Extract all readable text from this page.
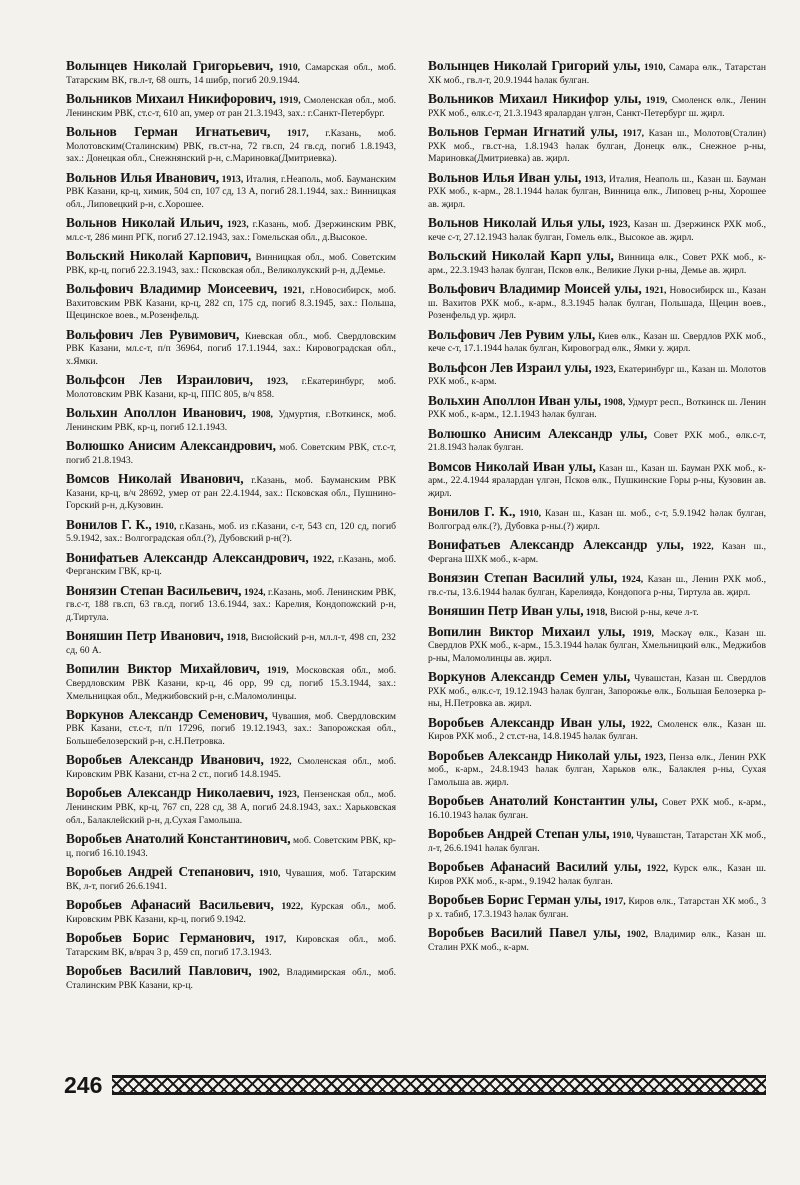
Волынцев Николай Григорьевич, 1910, Самарская обл., моб. Татарским ВК, гв.л-т, 68 ошть, 14 шибр, погиб 20.9.1944.

Вольников Михаил Никифорович, 1919, Смоленская обл., моб. Ленинским РВК, ст.с-т, 610 ап, умер от ран 21.3.1943, зах.: г.Санкт-Петербург.

Вольнов Герман Игнатьевич, 1917, г.Казань, моб. Молотовским(Сталинским) РВК, гв.ст-на, 72 гв.сп, 24 гв.сд, погиб 1.8.1943, зах.: Донецкая обл., Снежнянский р-н, с.Мариновка(Дмитриевка).

Вольнов Илья Иванович, 1913, Италия, г.Неаполь, моб. Бауманским РВК Казани, кр-ц, химик, 504 сп, 107 сд, 13 А, погиб 28.1.1944, зах.: Винницкая обл., Липовецкий р-н, с.Хорошее.

Вольнов Николай Ильич, 1923, г.Казань, моб. Дзержинским РВК, мл.с-т, 286 минп РГК, погиб 27.12.1943, зах.: Гомельская обл., д.Высокое.

Вольский Николай Карпович, Винницкая обл., моб. Советским РВК, кр-ц, погиб 22.3.1943, зах.: Псковская обл., Великолукский р-н, д.Демье.

Вольфович Владимир Моисеевич, 1921, г.Новосибирск, моб. Вахитовским РВК Казани, кр-ц, 282 сп, 175 сд, погиб 8.3.1945, зах.: Польша, Щецинское воев., м.Розенфельд.

Вольфович Лев Рувимович, Киевская обл., моб. Свердловским РВК Казани, мл.с-т, п/п 36964, погиб 17.1.1944, зах.: Кировоградская обл., х.Ямки.

Вольфсон Лев Израилович, 1923, г.Екатеринбург, моб. Молотовским РВК Казани, кр-ц, ППС 805, в/ч 858.

Вольхин Аполлон Иванович, 1908, Удмуртия, г.Воткинск, моб. Ленинским РВК, кр-ц, погиб 12.1.1943.

Волюшко Анисим Александрович, моб. Советским РВК, ст.с-т, погиб 21.8.1943.

Вомсов Николай Иванович, г.Казань, моб. Бауманским РВК Казани, кр-ц, в/ч 28692, умер от ран 22.4.1944, зах.: Псковская обл., Пушнино-Горский р-н, д.Кузовин.

Вонилов Г. К., 1910, г.Казань, моб. из г.Казани, с-т, 543 сп, 120 сд, погиб 5.9.1942, зах.: Волгоградская обл.(?), Дубовский р-н(?).

Вонифатьев Александр Александрович, 1922, г.Казань, моб. Ферганским ГВК, кр-ц.

Вонязин Степан Васильевич, 1924, г.Казань, моб. Ленинским РВК, гв.с-т, 188 гв.сп, 63 гв.сд, погиб 13.6.1944, зах.: Карелия, Кондопожский р-н, д.Тиртула.

Воняшин Петр Иванович, 1918, Висюйский р-н, мл.л-т, 498 сп, 232 сд, 60 А.

Вопилин Виктор Михайлович, 1919, Московская обл., моб. Свердловским РВК Казани, кр-ц, 46 орр, 99 сд, погиб 15.3.1944, зах.: Хмельницкая обл., Меджибовский р-н, с.Маломолинцы.

Воркунов Александр Семенович, Чувашия, моб. Свердловским РВК Казани, ст.с-т, п/п 17296, погиб 19.12.1943, зах.: Запорожская обл., Большебелозерский р-н, с.Н.Петровка.

Воробьев Александр Иванович, 1922, Смоленская обл., моб. Кировским РВК Казани, ст-на 2 ст., погиб 14.8.1945.

Воробьев Александр Николаевич, 1923, Пензенская обл., моб. Ленинским РВК, кр-ц, 767 сп, 228 сд, 38 А, погиб 24.8.1943, зах.: Харьковская обл., Балаклейский р-н, д.Сухая Гамольша.

Воробьев Анатолий Константинович, моб. Советским РВК, кр-ц, погиб 16.10.1943.

Воробьев Андрей Степанович, 1910, Чувашия, моб. Татарским ВК, л-т, погиб 26.6.1941.

Воробьев Афанасий Васильевич, 1922, Курская обл., моб. Кировским РВК Казани, кр-ц, погиб 9.1942.

Воробьев Борис Германович, 1917, Кировская обл., моб. Татарским ВК, в/врач 3 р, 459 сп, погиб 17.3.1943.

Воробьев Василий Павлович, 1902, Владимирская обл., моб. Сталинским РВК Казани, кр-ц.

Волынцев Николай Григорий улы, 1910, Самара өлк., Татарстан ХК моб., гв.л-т, 20.9.1944 һәлак булган.

Вольников Михаил Никифор улы, 1919, Смоленск өлк., Ленин РХК моб., өлк.с-т, 21.3.1943 яралардан үлгән, Санкт-Петербург ш. җирл.

Вольнов Герман Игнатий улы, 1917, Казан ш., Молотов(Сталин) РХК моб., гв.ст-на, 1.8.1943 һәлак булган, Донецк өлк., Снежное р-ны, Мариновка(Дмитриевка) ав. җирл.

Вольнов Илья Иван улы, 1913, Италия, Неаполь ш., Казан ш. Бауман РХК моб., к-арм., 28.1.1944 һәлак булган, Винница өлк., Липовец р-ны, Хорошее ав. җирл.

Вольнов Николай Илья улы, 1923, Казан ш. Дзержинск РХК моб., кече с-т, 27.12.1943 һәлак булган, Гомель өлк., Высокое ав. җирл.

Вольский Николай Карп улы, Винница өлк., Совет РХК моб., к-арм., 22.3.1943 һәлак булган, Псков өлк., Великие Луки р-ны, Демье ав. җирл.

Вольфович Владимир Моисей улы, 1921, Новосибирск ш., Казан ш. Вахитов РХК моб., к-арм., 8.3.1945 һәлак булган, Польшада, Щецин воев., Розенфельд ур. җирл.

Вольфович Лев Рувим улы, Киев өлк., Казан ш. Свердлов РХК моб., кече с-т, 17.1.1944 һәлак булган, Кировоград өлк., Ямки у. җирл.

Вольфсон Лев Израил улы, 1923, Екатеринбург ш., Казан ш. Молотов РХК моб., к-арм.

Вольхин Аполлон Иван улы, 1908, Удмурт респ., Воткинск ш. Ленин РХК моб., к-арм., 12.1.1943 һәлак булган.

Волюшко Анисим Александр улы, Совет РХК моб., өлк.с-т, 21.8.1943 һәлак булган.

Вомсов Николай Иван улы, Казан ш., Казан ш. Бауман РХК моб., к-арм., 22.4.1944 яралардан үлгән, Псков өлк., Пушкинские Горы р-ны, Кузовин ав. җирл.

Вонилов Г. К., 1910, Казан ш., Казан ш. моб., с-т, 5.9.1942 һәлак булган, Волгоград өлк.(?), Дубовка р-ны.(?) җирл.

Вонифатьев Александр Александр улы, 1922, Казан ш., Фергана ШХК моб., к-арм.

Вонязин Степан Василий улы, 1924, Казан ш., Ленин РХК моб., гв.с-ты, 13.6.1944 һәлак булган, Карелиядә, Кондопога р-ны, Тиртула ав. җирл.

Воняшин Петр Иван улы, 1918, Висюй р-ны, кече л-т.

Вопилин Виктор Михаил улы, 1919, Мәскәү өлк., Казан ш. Свердлов РХК моб., к-арм., 15.3.1944 һәлак булган, Хмельницкий өлк., Меджибов р-ны, Маломолинцы ав. җирл.

Воркунов Александр Семен улы, Чувашстан, Казан ш. Свердлов РХК моб., өлк.с-т, 19.12.1943 һәлак булган, Запорожье өлк., Большая Белозерка р-ны, Н.Петровка ав. җирл.

Воробьев Александр Иван улы, 1922, Смоленск өлк., Казан ш. Киров РХК моб., 2 ст.ст-на, 14.8.1945 һәлак булган.

Воробьев Александр Николай улы, 1923, Пенза өлк., Ленин РХК моб., к-арм., 24.8.1943 һәлак булган, Харьков өлк., Балаклея р-ны, Сухая Гамольша ав. җирл.

Воробьев Анатолий Константин улы, Совет РХК моб., к-арм., 16.10.1943 һәлак булган.

Воробьев Андрей Степан улы, 1910, Чувашстан, Татарстан ХК моб., л-т, 26.6.1941 һәлак булган.

Воробьев Афанасий Василий улы, 1922, Курск өлк., Казан ш. Киров РХК моб., к-арм., 9.1942 һәлак булган.

Воробьев Борис Герман улы, 1917, Киров өлк., Татарстан ХК моб., 3 р х. табиб, 17.3.1943 һәлак булган.

Воробьев Василий Павел улы, 1902, Владимир өлк., Казан ш. Сталин РХК моб., к-арм.

246
